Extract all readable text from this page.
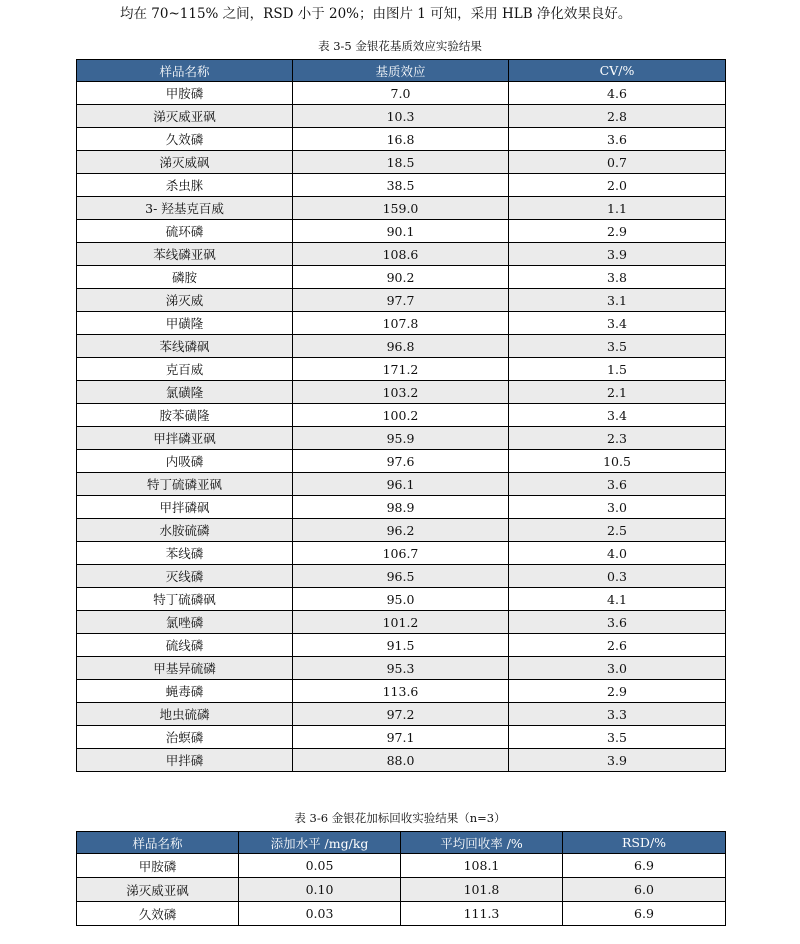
均在 70~115% 之间，RSD 小于 20%；由图片 1 可知，采用 HLB 净化效果良好。
表 3-5 金银花基质效应实验结果
样品名称	基质效应	CV/%
甲胺磷	7.0	4.6
涕灭威亚砜	10.3	2.8
久效磷	16.8	3.6
涕灭威砜	18.5	0.7
杀虫脒	38.5	2.0
3- 羟基克百威	159.0	1.1
硫环磷	90.1	2.9
苯线磷亚砜	108.6	3.9
磷胺	90.2	3.8
涕灭威	97.7	3.1
甲磺隆	107.8	3.4
苯线磷砜	96.8	3.5
克百威	171.2	1.5
氯磺隆	103.2	2.1
胺苯磺隆	100.2	3.4
甲拌磷亚砜	95.9	2.3
内吸磷	97.6	10.5
特丁硫磷亚砜	96.1	3.6
甲拌磷砜	98.9	3.0
水胺硫磷	96.2	2.5
苯线磷	106.7	4.0
灭线磷	96.5	0.3
特丁硫磷砜	95.0	4.1
氯唑磷	101.2	3.6
硫线磷	91.5	2.6
甲基异硫磷	95.3	3.0
蝇毒磷	113.6	2.9
地虫硫磷	97.2	3.3
治螟磷	97.1	3.5
甲拌磷	88.0	3.9
表 3-6 金银花加标回收实验结果（n=3）
样品名称	添加水平 /mg/kg	平均回收率 /%	RSD/%
甲胺磷	0.05	108.1	6.9
涕灭威亚砜	0.10	101.8	6.0
久效磷	0.03	111.3	6.9
